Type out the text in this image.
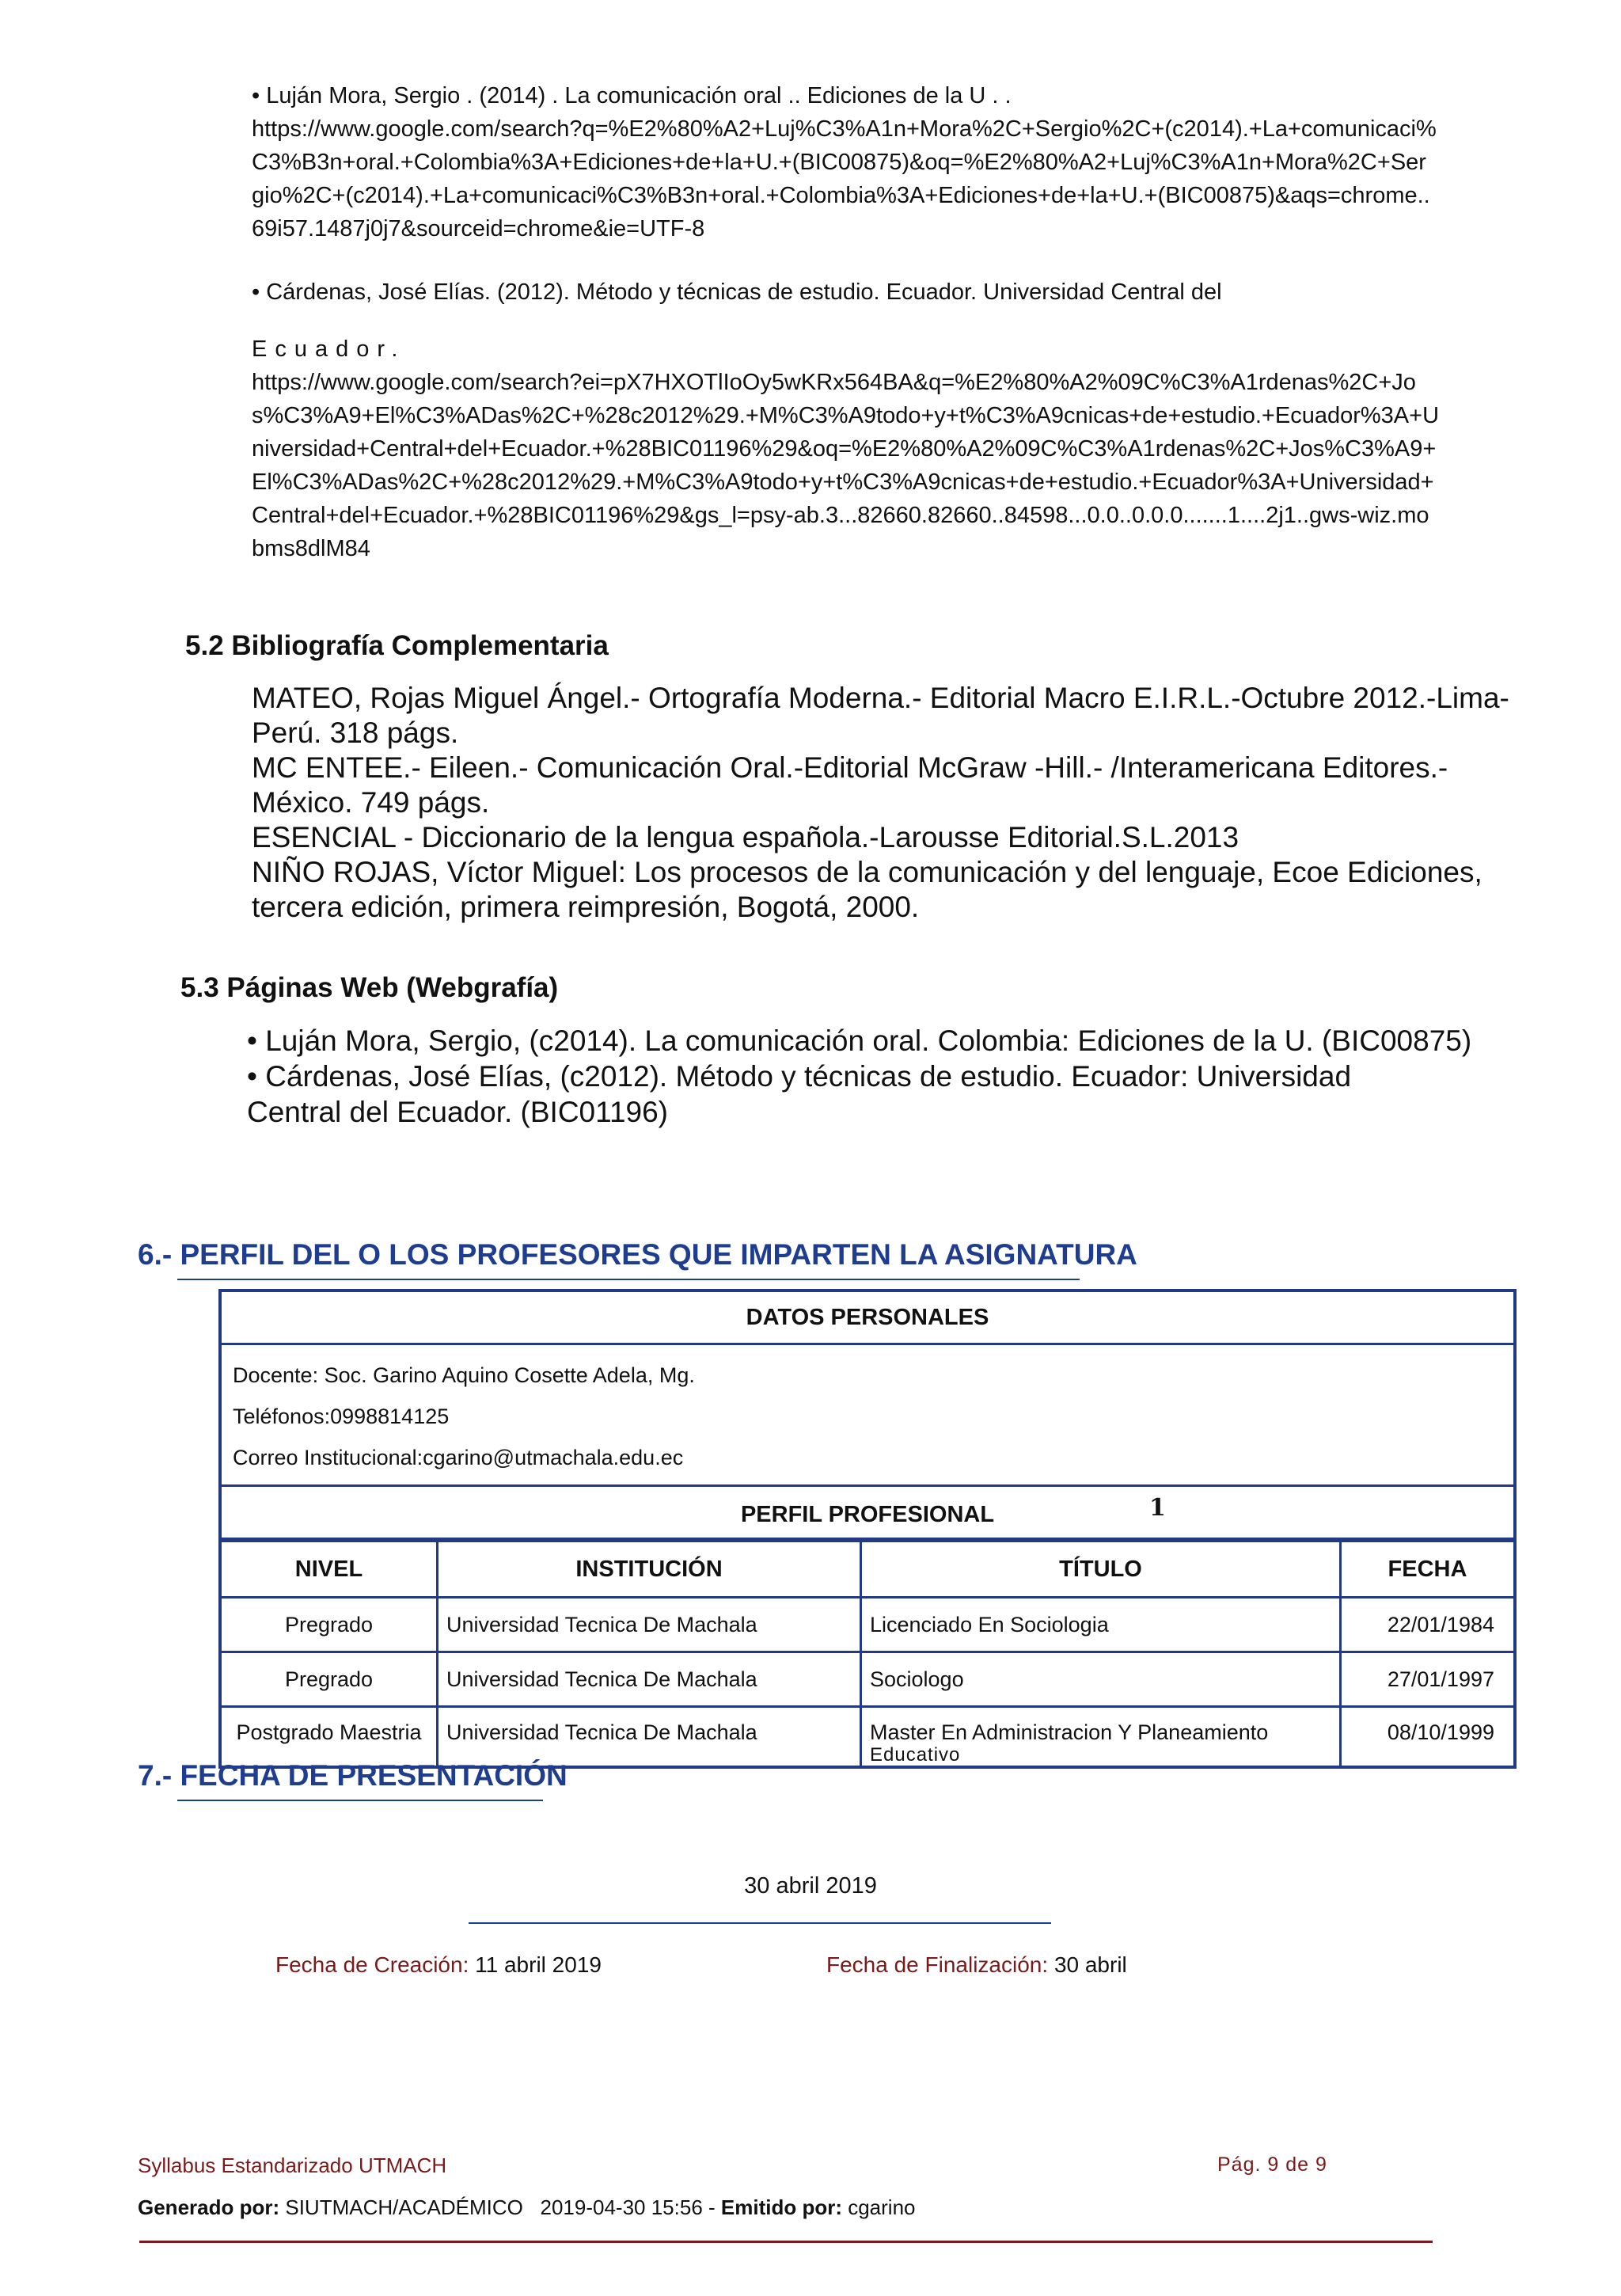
• Luján Mora, Sergio . (2014) . La comunicación oral .. Ediciones de la U . .

https://www.google.com/search?q=%E2%80%A2+Luj%C3%A1n+Mora%2C+Sergio%2C+(c2014).+La+comunicaci%C3%B3n+oral.+Colombia%3A+Ediciones+de+la+U.+(BIC00875)&oq=%E2%80%A2+Luj%C3%A1n+Mora%2C+Sergio%2C+(c2014).+La+comunicaci%C3%B3n+oral.+Colombia%3A+Ediciones+de+la+U.+(BIC00875)&aqs=chrome..69i57.1487j0j7&sourceid=chrome&ie=UTF-8

• Cárdenas, José Elías. (2012). Método y técnicas de estudio. Ecuador. Universidad Central del

Ecuador.

https://www.google.com/search?ei=pX7HXOTlIoOy5wKRx564BA&q=%E2%80%A2%09C%C3%A1rdenas%2C+Jos%C3%A9+El%C3%ADas%2C+%28c2012%29.+M%C3%A9todo+y+t%C3%A9cnicas+de+estudio.+Ecuador%3A+Universidad+Central+del+Ecuador.+%28BIC01196%29&oq=%E2%80%A2%09C%C3%A1rdenas%2C+Jos%C3%A9+El%C3%ADas%2C+%28c2012%29.+M%C3%A9todo+y+t%C3%A9cnicas+de+estudio.+Ecuador%3A+Universidad+Central+del+Ecuador.+%28BIC01196%29&gs_l=psy-ab.3...82660.82660..84598...0.0..0.0.0.......1....2j1..gws-wiz.mobms8dlM84

5.2 Bibliografía Complementaria

MATEO, Rojas Miguel Ángel.- Ortografía Moderna.- Editorial Macro E.I.R.L.-Octubre 2012.-Lima-Perú. 318 págs.

MC ENTEE.- Eileen.- Comunicación Oral.-Editorial McGraw -Hill.- /Interamericana Editores.- México. 749 págs.

ESENCIAL - Diccionario de la lengua española.-Larousse Editorial.S.L.2013

NIÑO ROJAS, Víctor Miguel: Los procesos de la comunicación y del lenguaje, Ecoe Ediciones, tercera edición, primera reimpresión, Bogotá, 2000.

5.3 Páginas Web (Webgrafía)

• Luján Mora, Sergio, (c2014). La comunicación oral. Colombia: Ediciones de la U. (BIC00875)

• Cárdenas, José Elías, (c2012). Método y técnicas de estudio. Ecuador: Universidad Central del Ecuador. (BIC01196)

6.- PERFIL DEL O LOS PROFESORES QUE IMPARTEN LA ASIGNATURA
DATOS PERSONALES
Docente: Soc. Garino Aquino Cosette Adela, Mg.
Teléfonos:0998814125
Correo Institucional:cgarino@utmachala.edu.ec
PERFIL PROFESIONAL	1
NIVEL	INSTITUCIÓN	TÍTULO	FECHA
Pregrado	Universidad Tecnica De Machala	Licenciado En Sociologia	22/01/1984
Pregrado	Universidad Tecnica De Machala	Sociologo	27/01/1997
Postgrado Maestria	Universidad Tecnica De Machala	Master En Administracion Y Planeamiento
Educativo	08/10/1999
7.- FECHA DE PRESENTACIÓN
30 abril 2019
Fecha de Creación: 11 abril 2019	Fecha de Finalización: 30 abril
Syllabus Estandarizado UTMACH	Pág. 9 de 9
Generado por: SIUTMACH/ACADÉMICO   2019-04-30 15:56 - Emitido por: cgarino
